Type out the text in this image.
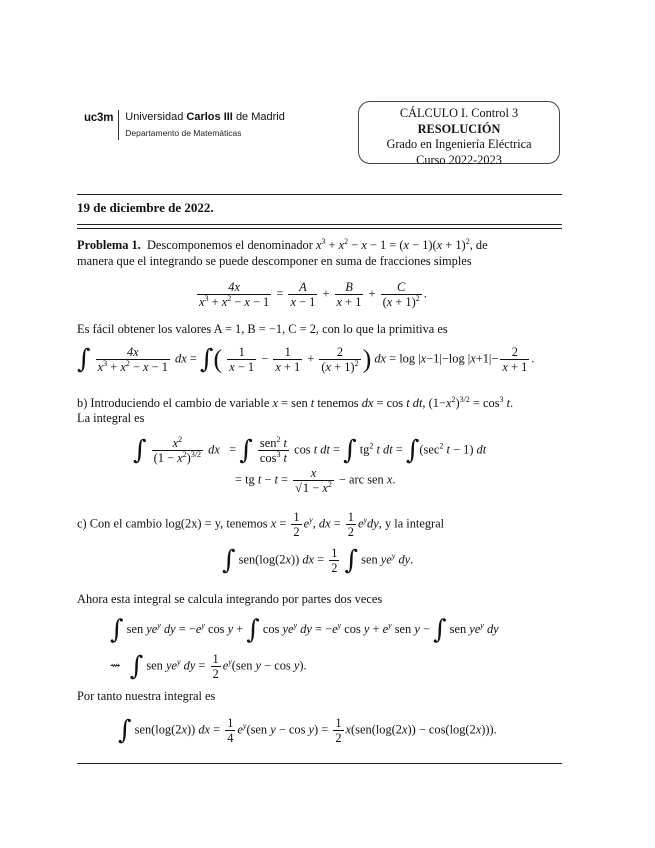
uc3m Universidad Carlos III de Madrid
Departamento de Matemáticas
CÁLCULO I. Control 3
RESOLUCIÓN
Grado en Ingeniería Eléctrica
Curso 2022-2023
19 de diciembre de 2022.
Problema 1. Descomponemos el denominador $x^3 + x^2 - x - 1 = (x - 1)(x + 1)^2$, de
manera que el integrando se puede descomponer en suma de fracciones simples
$\frac{4x}{x^3 + x^2 - x - 1} = \frac{A}{x - 1} + \frac{B}{x + 1} + \frac{C}{(x + 1)^2}$ .
Es fácil obtener los valores A = 1, B = −1, C = 2, con lo que la primitiva es
∫ $\frac{4x}{x^3 + x^2 - x - 1}$ dx = ∫( $\frac{1}{x - 1} - \frac{1}{x + 1} + \frac{2}{(x + 1)^2}$ ) dx = log |x−1|−log $|x+1|- \frac{2}{x + 1}$ .
b) Introduciendo el cambio de variable x = sen t tenemos dx = cos t dt, $(1-x^2)^{3/2} = \cos^3 t$.
La integral es
∫ $\frac{x^2}{(1 - x^2)^{3/2}}$ dx   = ∫ $\frac{sen^2 t}{\cos^3 t}$ cos t dt = ∫ $tg^2$ t dt = $\int(\sec^2$ t − 1) dt
= tg $t - t = \frac{x}{√1 - x^2}$ − arc sen x.
c) Con el cambio log(2x) = y, tenemos $x = \frac{1}{2} e^y$, dx = $\frac{1}{2} e^ydy$, y la integral
∫ sen(log(2x)) dx = $\frac{1}{2}$ ∫ sen $ye^y$ dy.
Ahora esta integral se calcula integrando por partes dos veces
∫ sen $ye^y$ dy = $-e^y$ cos y + ∫ $\cos ye^y$ dy = $-e^y$ $\cos y + e^y$ sen y − ∫ sen $ye^y$ dy
⇝   ∫ sen $ye^y$ dy = $\frac{1}{2} e^y(sen$ y − cos y).
Por tanto nuestra integral es
∫ sen(log(2x)) dx = $\frac{1}{4} e^y(sen$ $y - \cos y) = \frac{1}{2} x(sen(\log(2x)) - \cos(\log(2x)))$.
